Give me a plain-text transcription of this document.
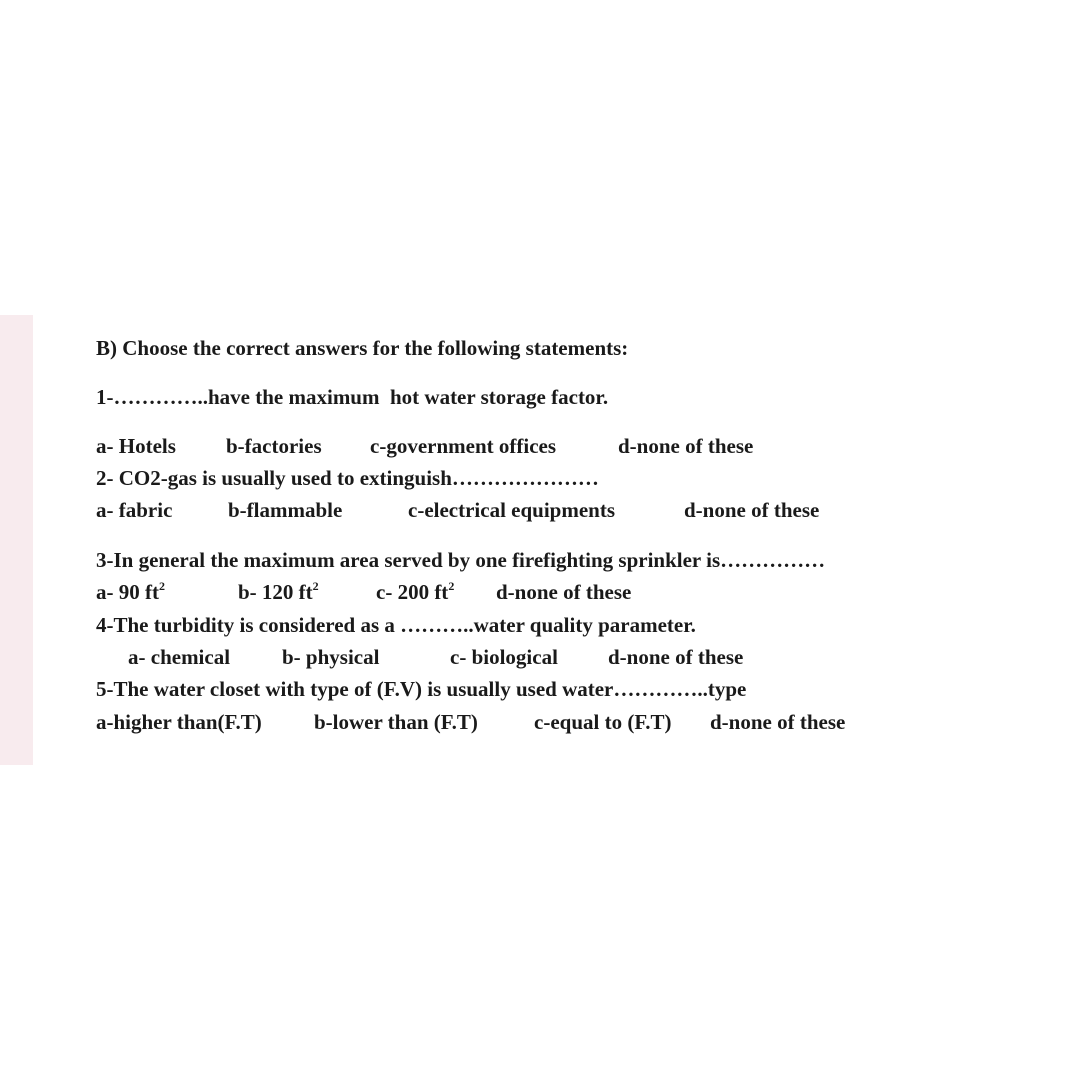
B) Choose the correct answers for the following statements:
1-…………..have the maximum  hot water storage factor.

a- Hotels

b-factories

c-government offices

	d-none of these

2- CO2-gas is usually used to extinguish…………………

a- fabric

	b-flammable

	c-electrical equipments

	d-none of these

3-In general the maximum area served by one firefighting sprinkler is……………

a- 90 $ft^2$

	b- 120 $ft^2$

	c- 200 $ft^2$

d-none of these

4-The turbidity is considered as a ………..water quality parameter.

a- chemical

b- physical

	c- biological

d-none of these

5-The water closet with type of (F.V) is usually used water…………..type

a-higher than(F.T)

b-lower than (F.T)

	c-equal to (F.T)

d-none of these
